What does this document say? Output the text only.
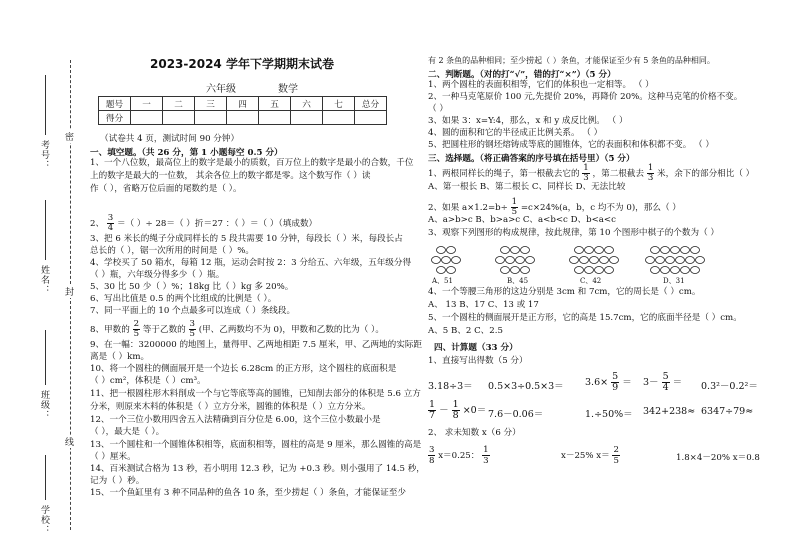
考号：
密
姓名： 封
班级：
线
学校：
2023-2024 学年下学期期末试卷
六年级	数学
题号	一	二	三	四	五	六	七	总分
得分								
（试卷共 4 页，测试时间 90 分钟）
一、填空题。（共 26 分，第 1 小题每空 0.5 分）
1、一个八位数，最高位上的数字是最小的质数，百万位上的数字是最小的合数，千位
上的数字是最大的一位数， 其余各位上的数字都是零。这个数写作（ ）读
作（ ），省略万位后面的尾数约是（ ）。
2、 $\frac{3}{4}$ ＝（ ）÷ 28＝（ ）折＝27 ：（ ）＝（ ）（填成数）
3、把 6 米长的绳子分成同样长的 5 段共需要 10 分钟，每段长（ ）米，每段长占
总长的（ ），锯一次所用的时间是（ ）%。
4、学校买了 50 箱水，每箱 12 瓶，运动会时按 2：3 分给五、六年级，五年级分得
（ ）瓶，六年级分得多少（ ）瓶。
5、30 比 50 少（ ）%；18kg 比（ ）kg 多 20%。
6、写出比值是 0.5 的两个比组成的比例是（ ）。
7、同一平面上的 10 个点最多可以连成（ ）条线段。
8、甲数的 $\frac{2}{5}$ 等于乙数的 $\frac{3}{5}$ (甲、乙两数均不为 0)，甲数和乙数的比为（ ）。
9、在一幅：3200000 的地图上，量得甲、乙两地相距 7.5 厘米，甲、乙两地的实际距
离是（ ）km。
10、将一个圆柱的侧面展开是一个边长 6.28cm 的正方形，这个圆柱的底面积是
（ ）cm²，体积是（ ）cm³。
11、把一根圆柱形木料削成一个与它等底等高的圆锥，已知削去部分的体积是 5.6 立方
分米，则原来木料的体积是（ ）立方分米，圆锥的体积是（ ）立方分米。
12、一个三位小数用四舍五入法精确到百分位是 6.00，这个三位小数最小是
（ ），最大是（ ）。
13、一个圆柱和一个圆锥体积相等，底面积相等，圆柱的高是 9 厘米，那么圆锥的高是
（ ）厘米。
14、百米测试合格为 13 秒，若小明用 12.3 秒，记为 +0.3 秒。则小强用了 14.5 秒，
记为（ ）秒。
15、一个鱼缸里有 3 种不同品种的鱼各 10 条，至少捞起（ ）条鱼，才能保证至少
有 2 条鱼的品种相同；至少捞起（ ）条鱼，才能保证至少有 5 条鱼的品种相同。
二、判断题。（对的打“√”，错的打“×”）（5 分）
1、两个圆柱的表面积相等，它们的体积也一定相等。 （ ）
2、一种马克笔原价 100 元,先提价 20%，再降价 20%。这种马克笔的价格不变。
（ ）
3、如果 3：x=Y:4，那么，x 和 y 成反比例。 （ ）
4、圆的面积和它的半径成正比例关系。 （ ）
5、把圆柱形的钢坯熔铸成等底的圆锥体，它的表面积和体积都不变。 （ ）
三、选择题。（将正确答案的序号填在括号里）（5 分）
1、两根同样长的绳子，第一根截去它的 $\frac{1}{3}$ ，第二根截去 $\frac{1}{3}$ 米，余下的部分相比（ ）
A、第一根长 B、第二根长 C、同样长 D、无法比较
2、如果 $a\times 1.2=b\div \frac{1}{5} =c\times 24\%(a$，b，c 均不为 0)，那么（ ）
A、a>b>c B、b>a>c C、a<b<c D、b<a<c
3、观察下列图形的构成规律，按此规律，第 10 个图形中棋子的个数为（ ）
A、51	B、45	C、42	D、31
4、一个等腰三角形的这边分别是 3cm 和 7cm，它的周长是（ ）cm。
A、 13 B、17 C、13 或 17
5、一个圆柱的侧面展开是正方形，它的高是 15.7cm，它的底面半径是（ ）cm。
A、5 B、2 C、2.5
四、计算题（33 分）
1、直接写出得数（5 分）
$3.18\div 3= 0.5\times 3\div 0.5\times 3= 3.6\times \frac{5}{9} = 3- \frac{5}{4} = 0.3^2-0.2^2=$
$\frac{1}{7} - \frac{1}{8} \times 0= 7.6-0.06=$	1.÷50%＝ 342+238≈ 6347÷79≈
2、 求未知数 x（6 分）
$\frac{3}{8} x=0.25$： $\frac{1}{3}$	x－25% $x= \frac{2}{5}$	1.8×4－20% x＝0.8
